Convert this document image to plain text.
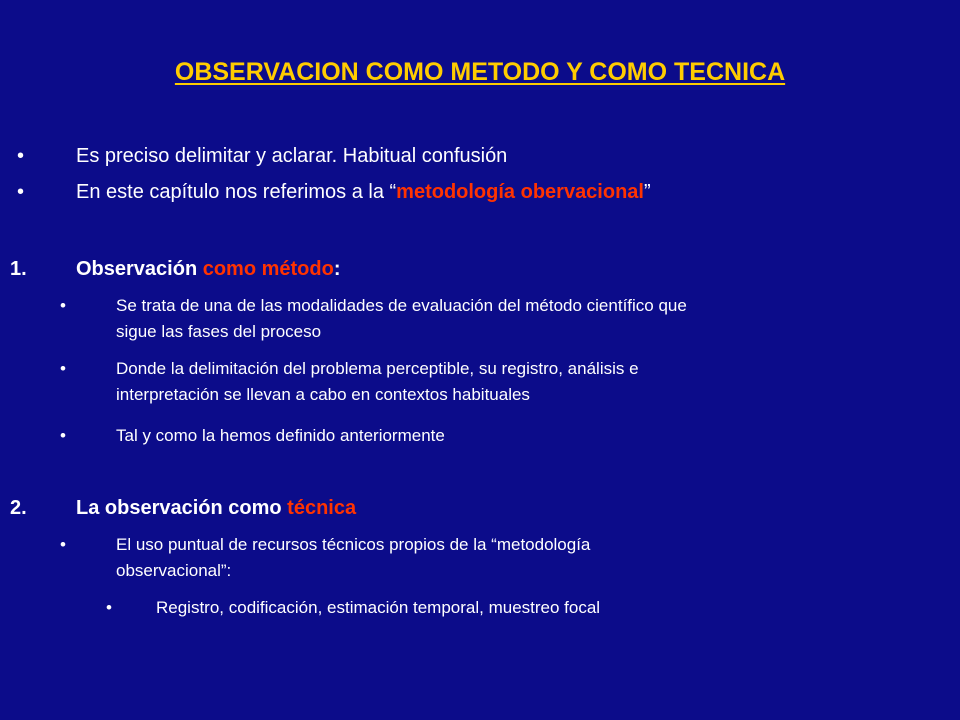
OBSERVACION COMO METODO Y COMO TECNICA
•	Es preciso delimitar y aclarar. Habitual confusión
•	En este capítulo nos referimos a la “metodología obervacional”
1. Observación como método:
•	Se trata de una de las modalidades de evaluación del método científico que
sigue las fases del proceso
•	Donde la delimitación del problema perceptible, su registro, análisis e
interpretación se llevan a cabo en contextos habituales
•	Tal y como la hemos definido anteriormente
2. La observación como técnica
•	El uso puntual de recursos técnicos propios de la “metodología
observacional”:
•	Registro, codificación, estimación temporal, muestreo focal
